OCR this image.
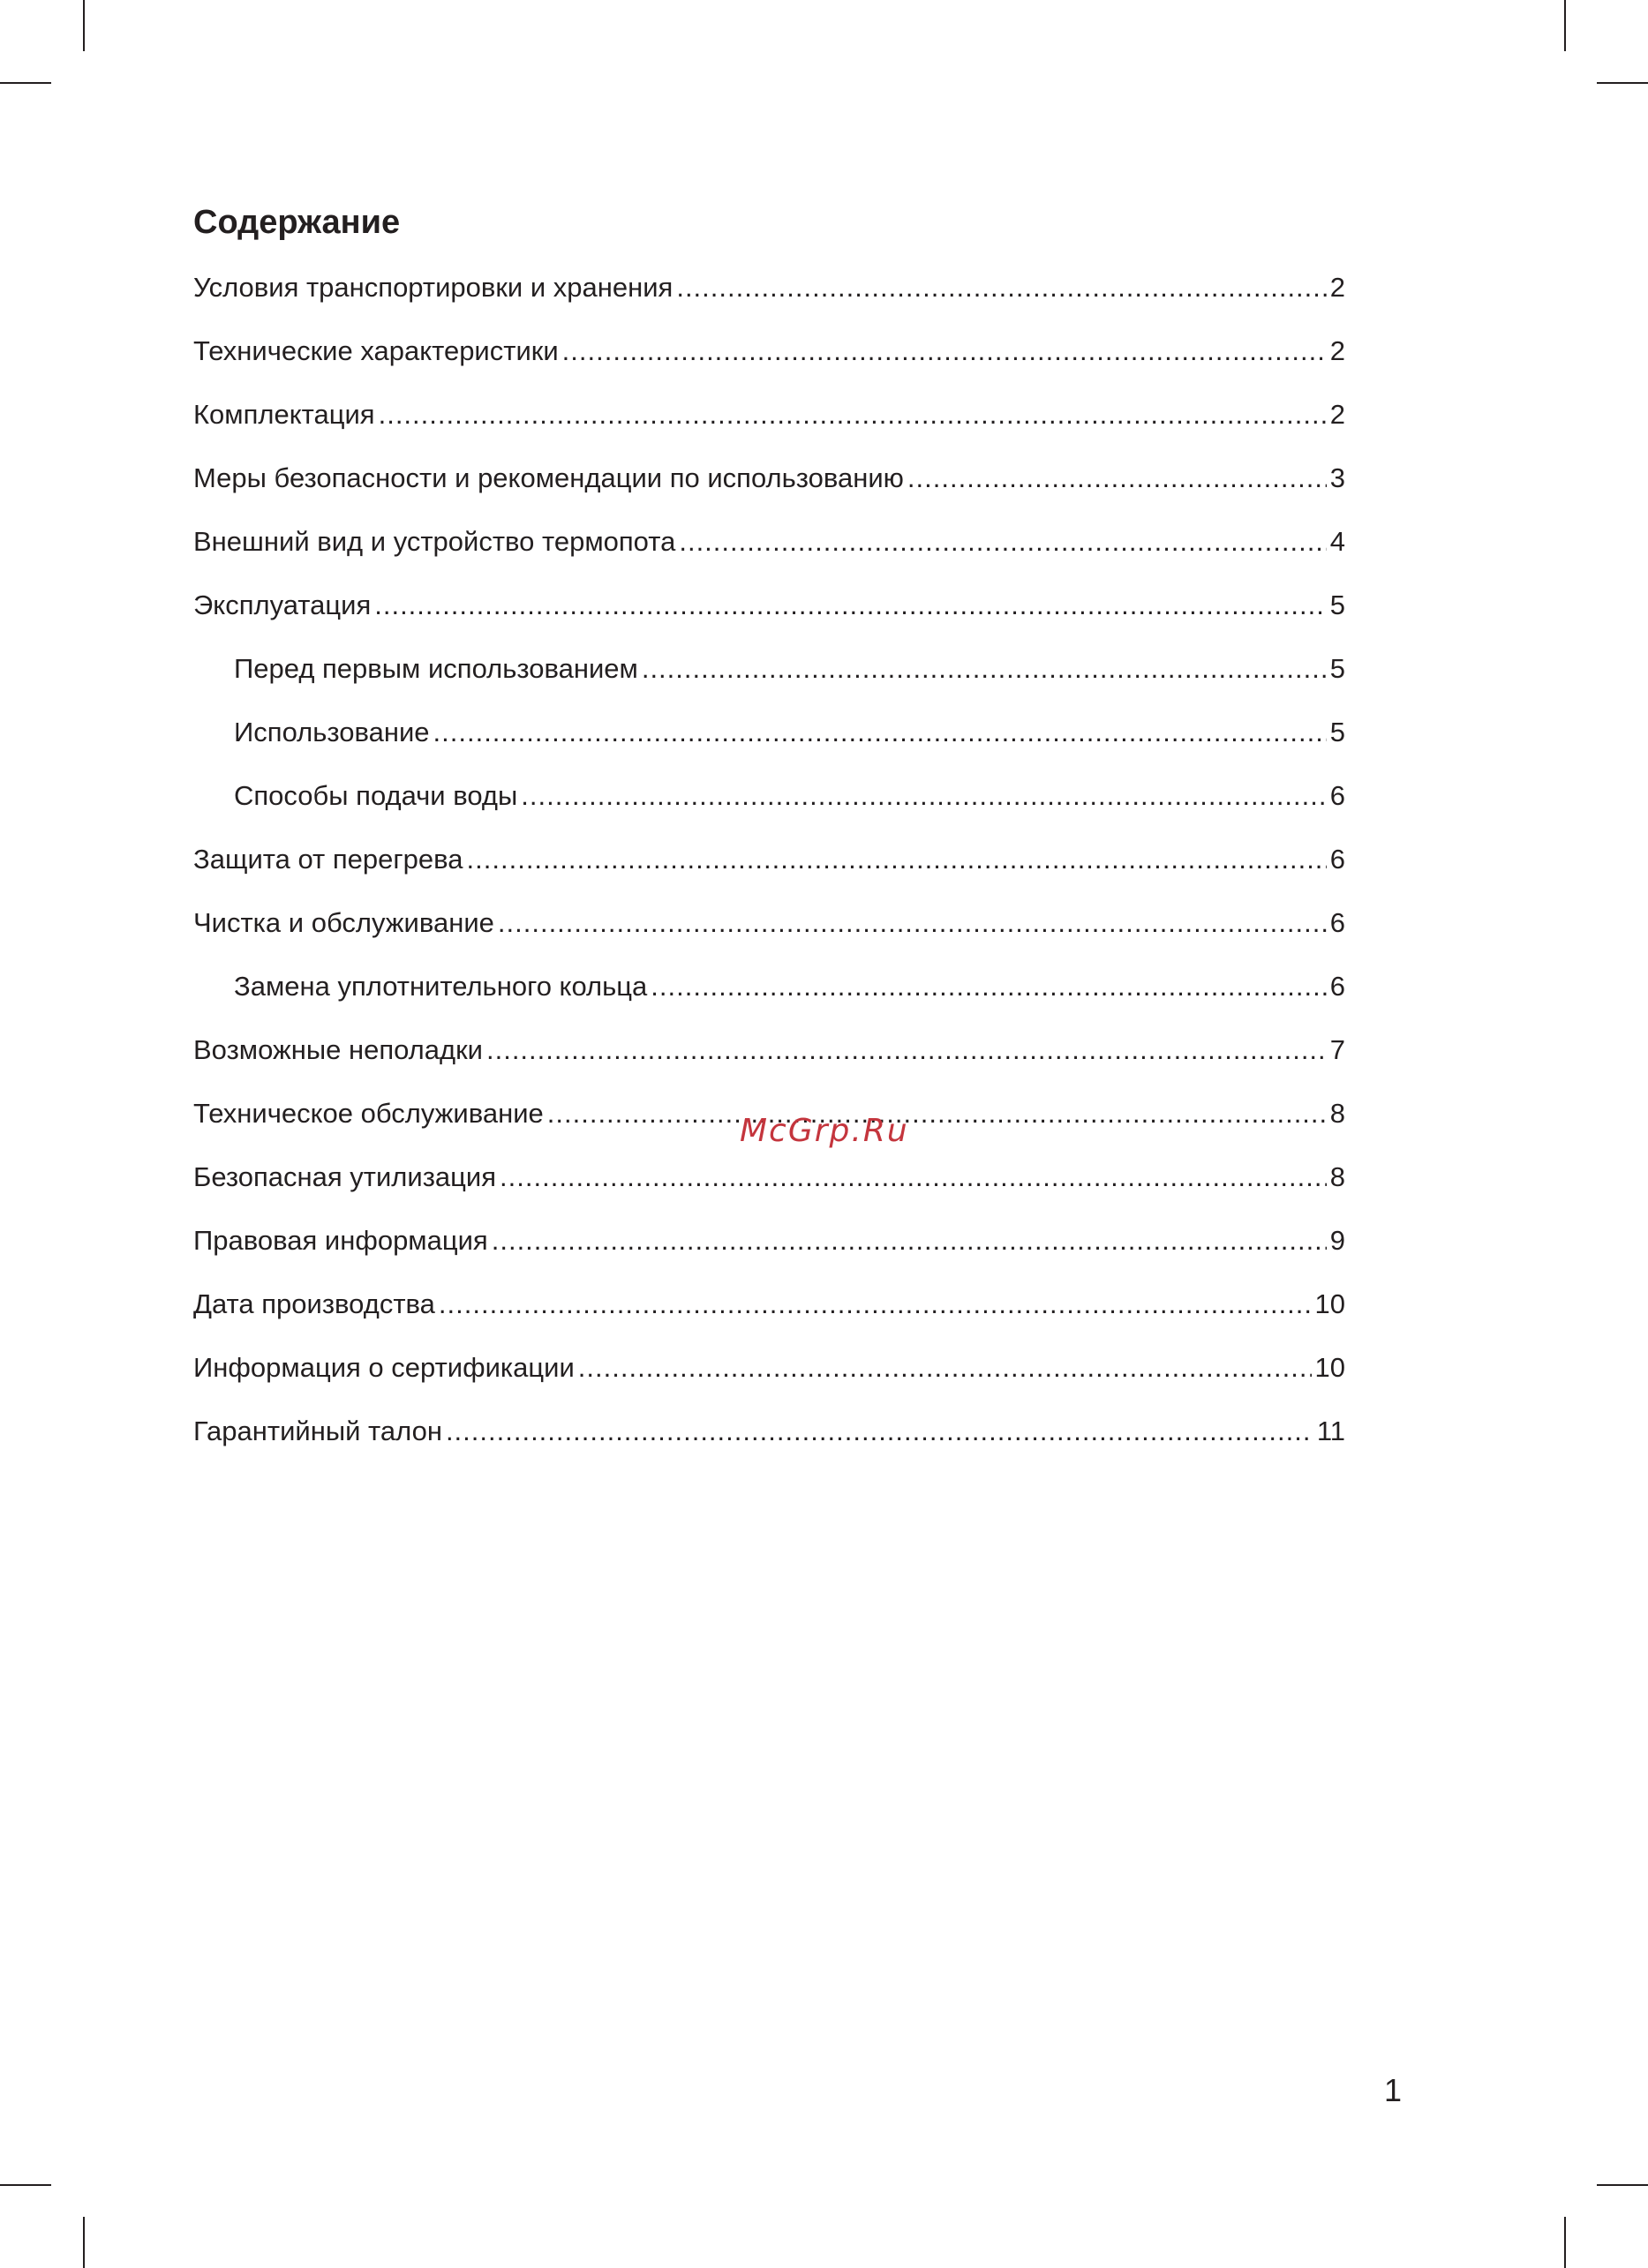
Содержание
Условия транспортировки и хранения .....	2
Технические характеристики .....	2
Комплектация .....	2
Меры безопасности и рекомендации по использованию .....	3
Внешний вид и устройство термопота .....	4
Эксплуатация .....	5
Перед первым использованием .....	5
Использование .....	5
Способы подачи воды .....	6
Защита от перегрева .....	6
Чистка и обслуживание .....	6
Замена уплотнительного кольца .....	6
Возможные неполадки .....	7
Техническое обслуживание .....	8
Безопасная утилизация .....	8
Правовая информация .....	9
Дата производства .....	10
Информация о сертификации .....	10
Гарантийный талон .....	11
McGrp.Ru
1
